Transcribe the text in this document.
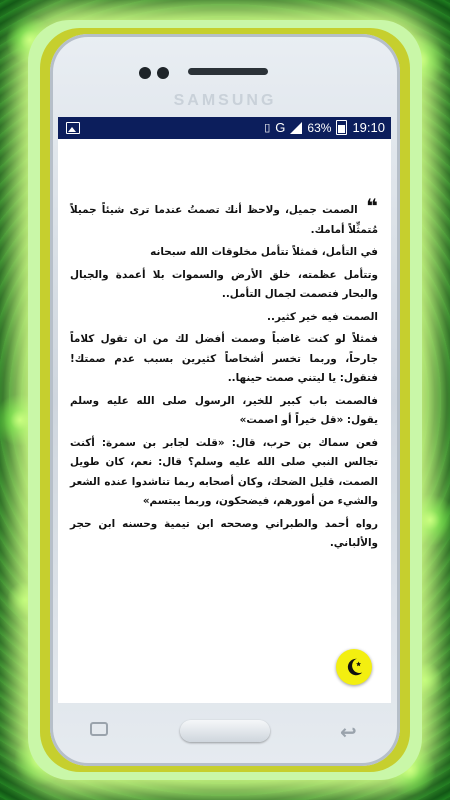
SAMSUNG
▯ G 63% 19:10

❝ الصمت جميل، ولاحظ أنك تصمتُ عندما ترى شيئاً جميلاً مُتمثِّلاً أمامك.

في التأمل، فمثلاً تتأمل مخلوقات الله سبحانه

وتتأمل عظمته، خلق الأرض والسموات بلا أعمدة والجبال والبحار فتصمت لجمال التأمل..

الصمت فيه خير كثير..

فمثلاً لو كنت غاضباً وصمت أفضل لك من ان تقول كلاماً جارحاً، وربما تخسر أشخاصاً كثيرين بسبب عدم صمتك! فتقول: يا ليتني صمت حينها..

فالصمت باب كبير للخير، الرسول صلى الله عليه وسلم يقول: «قل خيراً أو اصمت»

فعن سماك بن حرب، قال: «قلت لجابر بن سمرة: أكنت تجالس النبي صلى الله عليه وسلم؟ قال: نعم، كان طويل الصمت، قليل الضحك، وكان أصحابه ربما تناشدوا عنده الشعر والشيء من أمورهم، فيضحكون، وربما يبتسم»

رواه أحمد والطبراني وصححه ابن تيمية وحسنه ابن حجر والألباني.

↩
